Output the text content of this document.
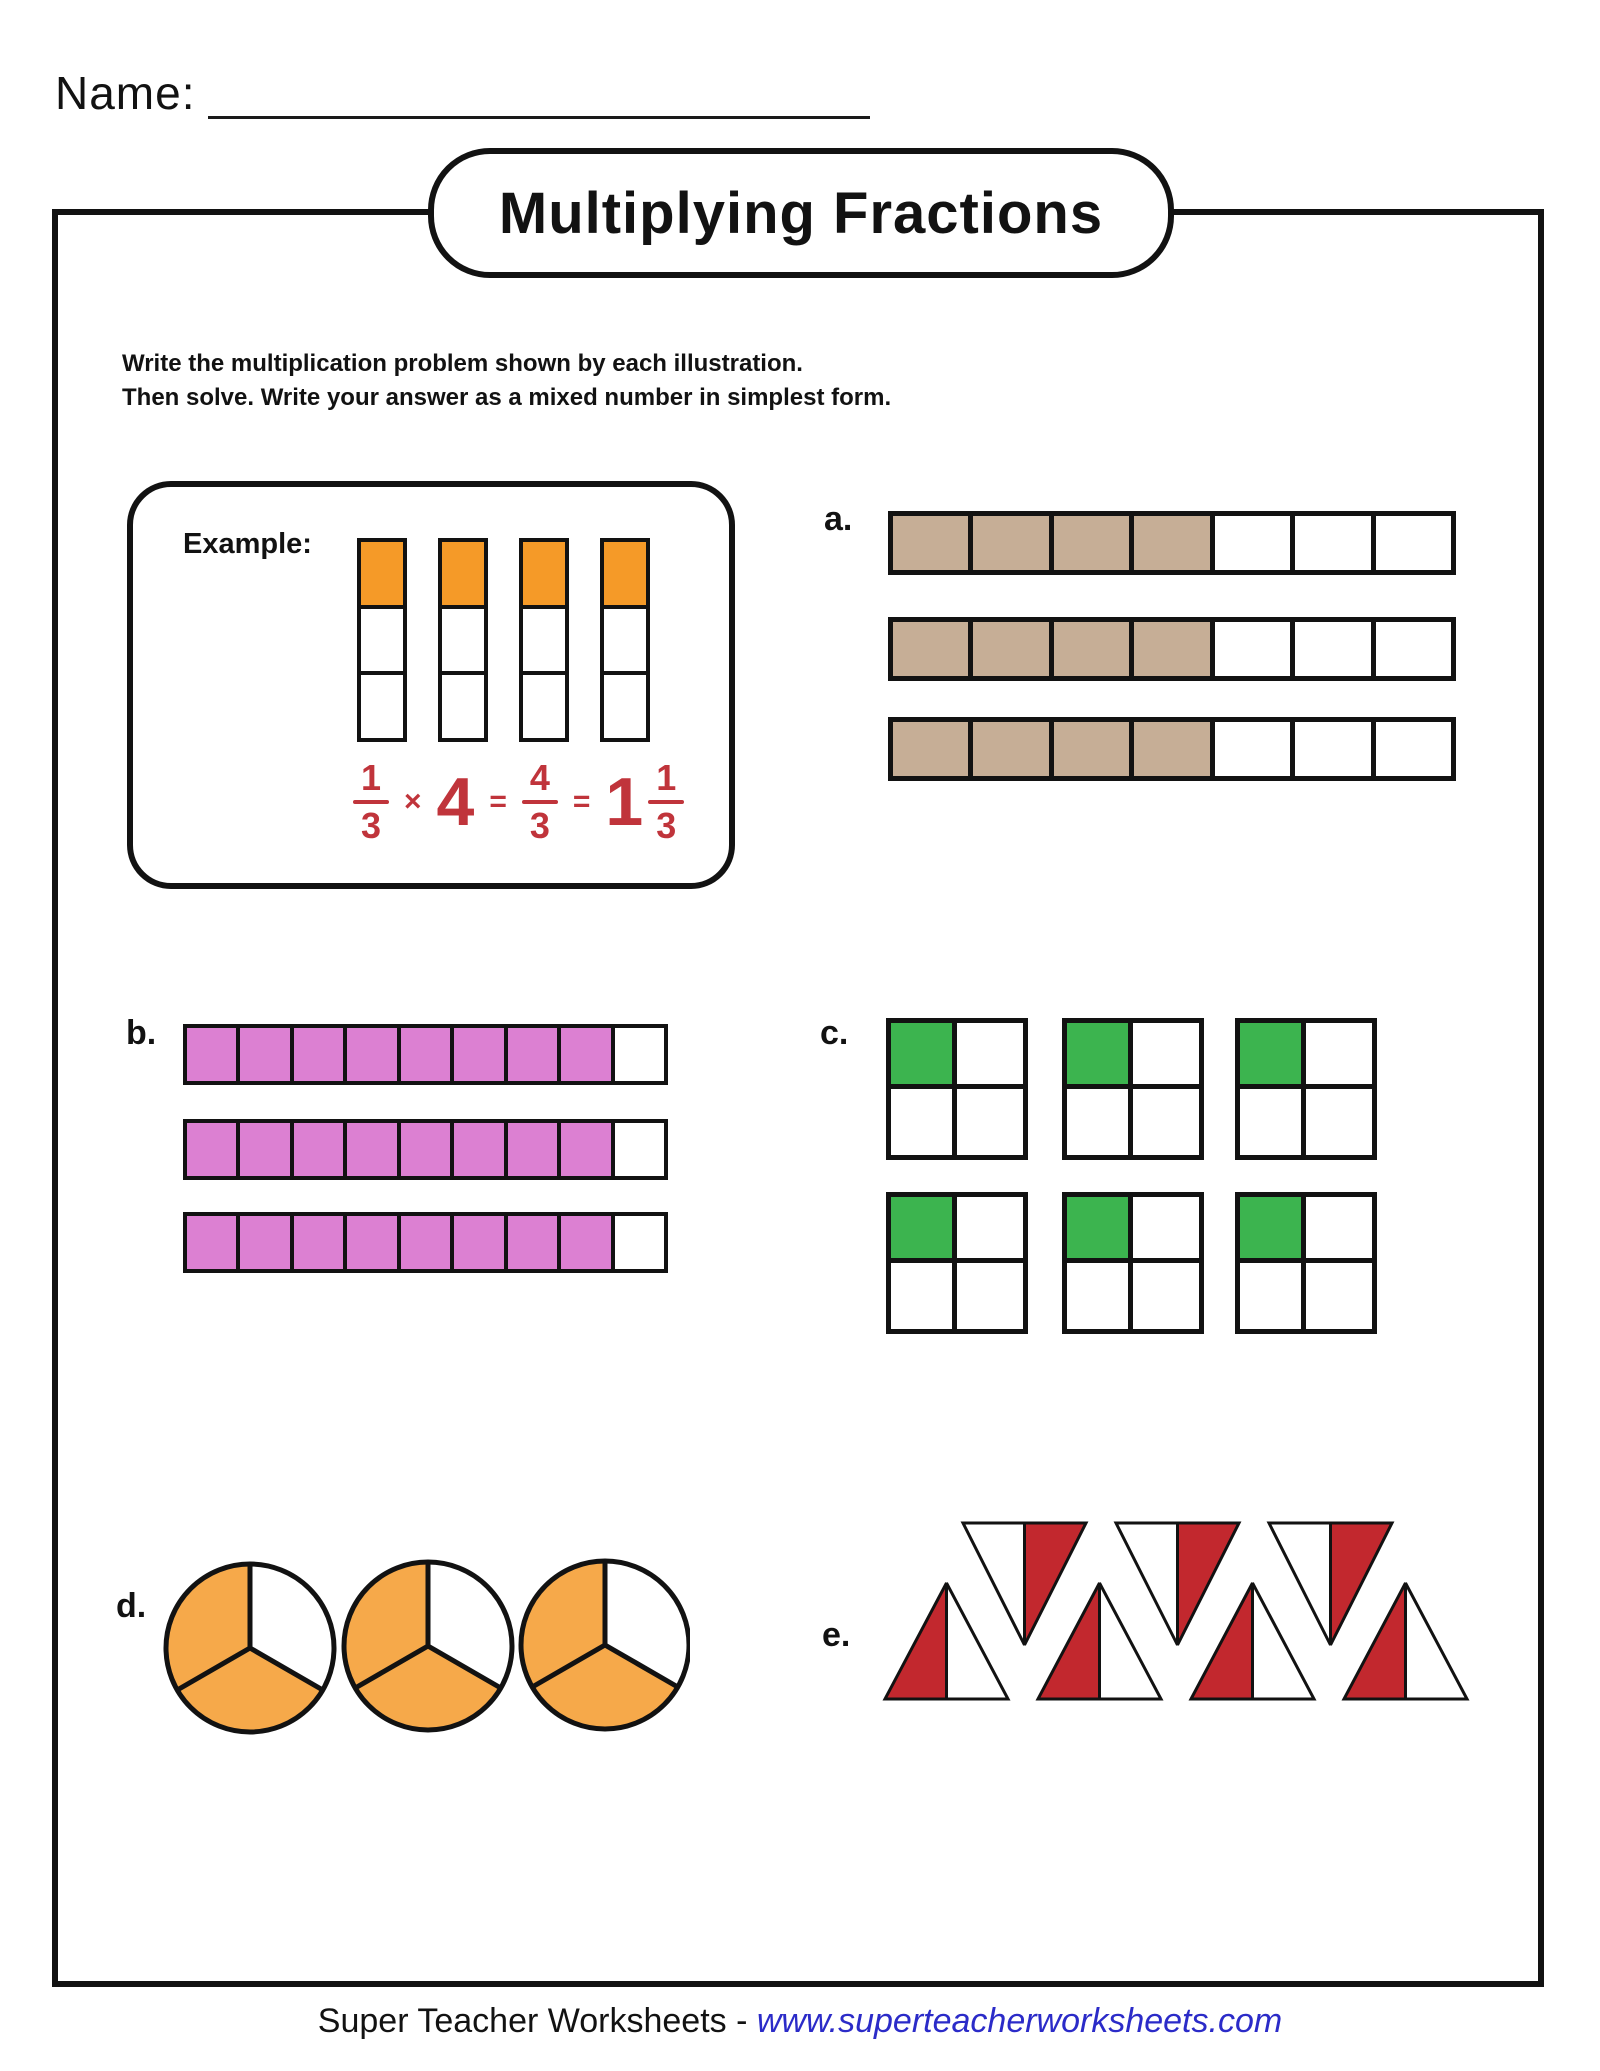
Name:
Multiplying Fractions
Write the multiplication problem shown by each illustration.
Then solve. Write your answer as a mixed number in simplest form.
Example:
$\frac{1}{3} \times 4 = \frac{4}{3} = 1 \frac{1}{3}$
a.
b.	c.
d.
e.
Super Teacher Worksheets - www.superteacherworksheets.com
